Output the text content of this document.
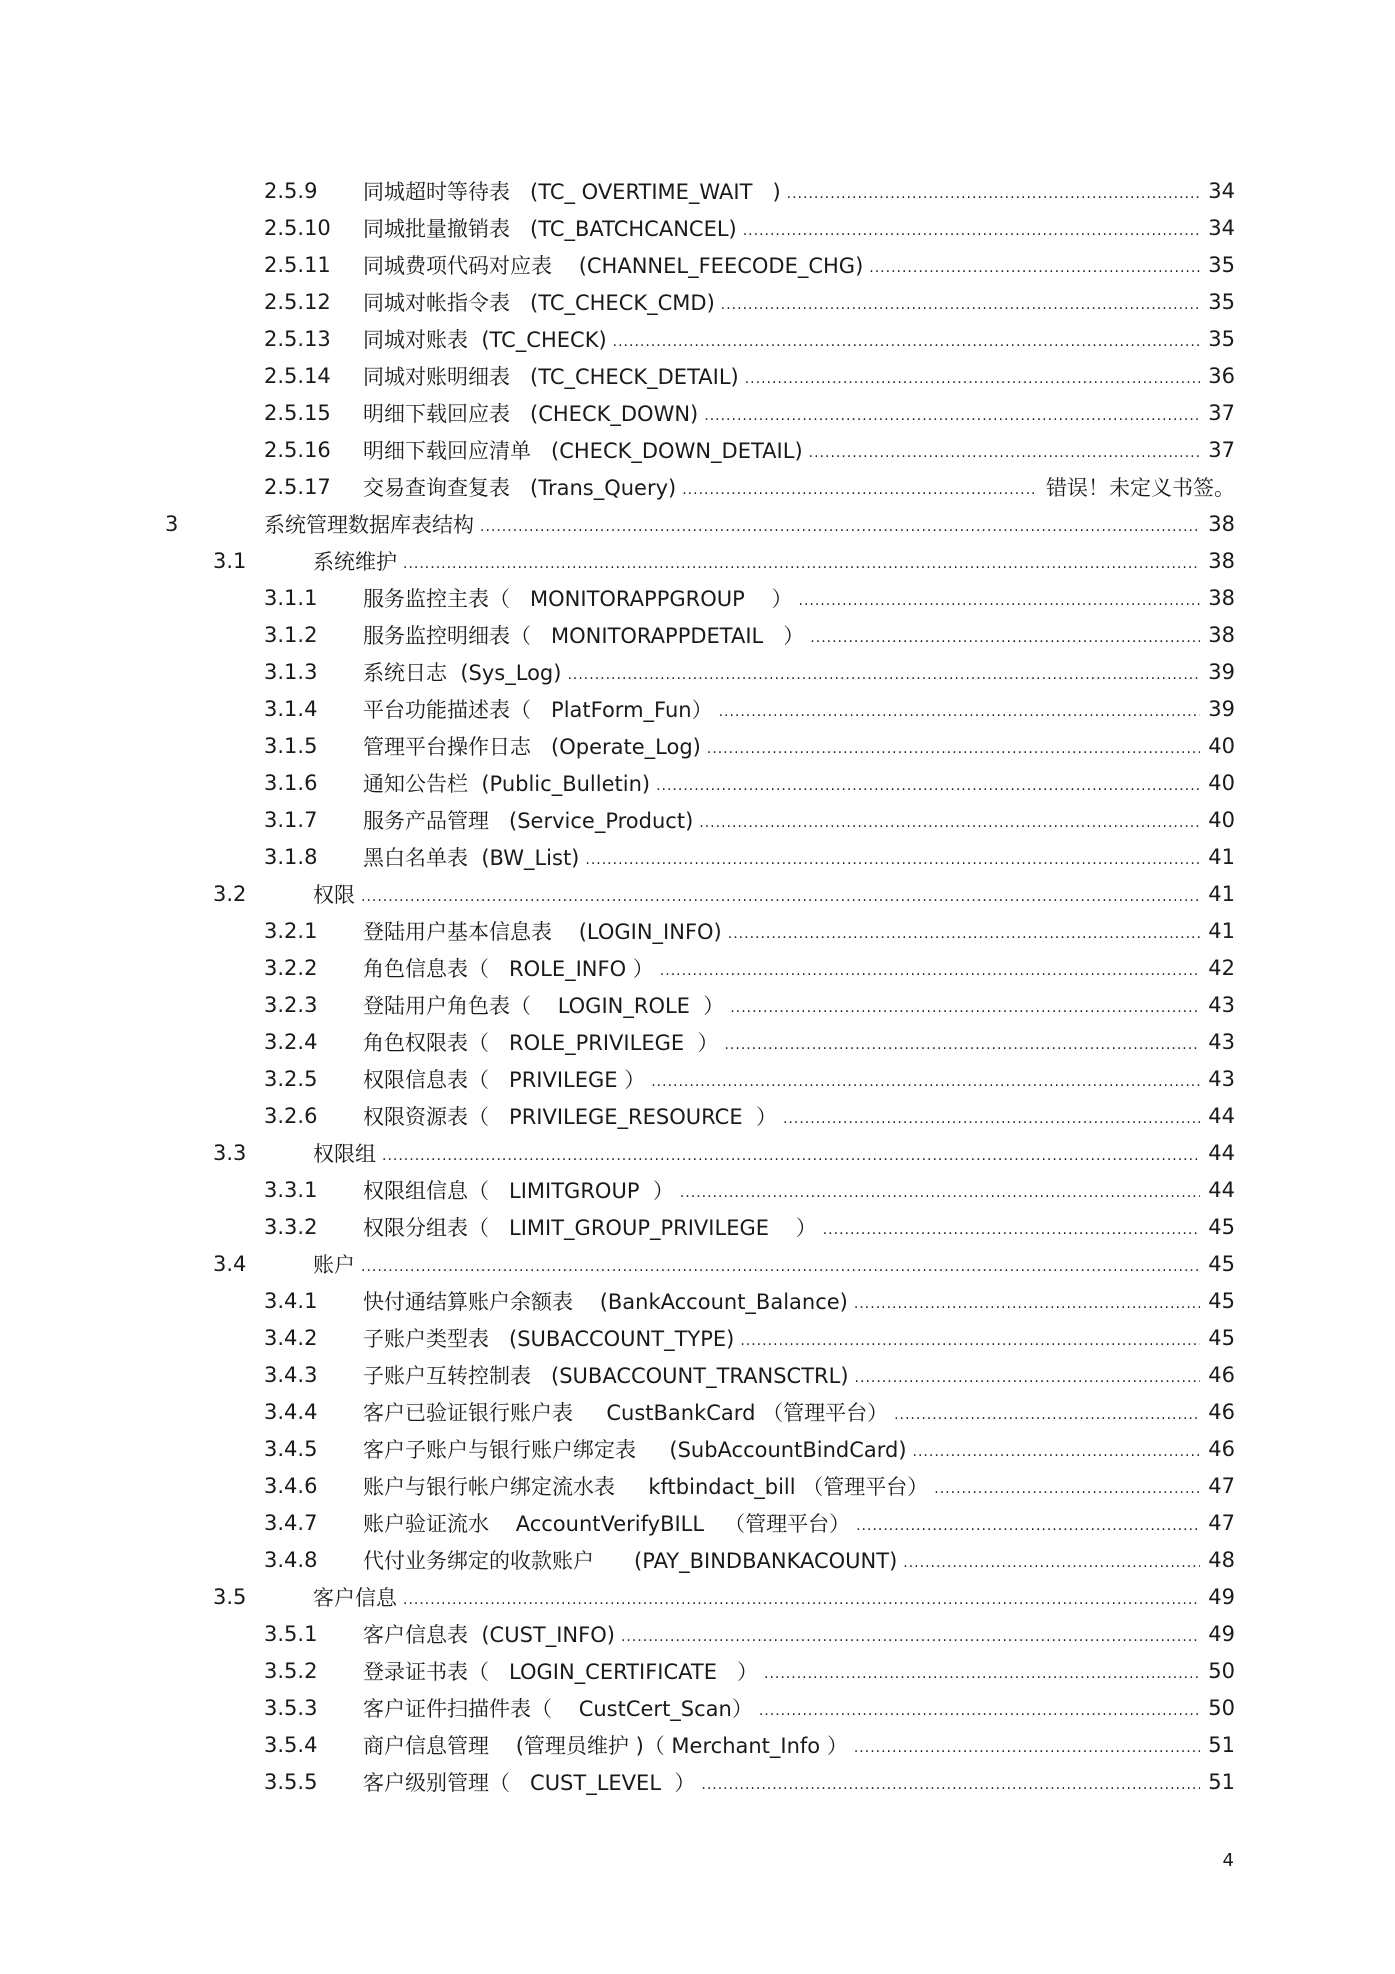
2.5.9 同城超时等待表   (TC_ OVERTIME_WAIT   ) .....	34
2.5.10 同城批量撤销表   (TC_BATCHCANCEL) .....	34
2.5.11 同城费项代码对应表    (CHANNEL_FEECODE_CHG) .....	35
2.5.12 同城对帐指令表   (TC_CHECK_CMD) .....	35
2.5.13 同城对账表  (TC_CHECK) .....	35
2.5.14 同城对账明细表   (TC_CHECK_DETAIL) .....	36
2.5.15 明细下载回应表   (CHECK_DOWN) .....	37
2.5.16 明细下载回应清单   (CHECK_DOWN_DETAIL) .....	37
2.5.17 交易查询查复表   (Trans_Query) .....	错误！未定义书签。
3	系统管理数据库表结构 .....	38
3.1	系统维护 .....	38
3.1.1 服务监控主表（   MONITORAPPGROUP    ） .....	38
3.1.2 服务监控明细表（   MONITORAPPDETAIL   ） .....	38
3.1.3 系统日志  (Sys_Log) .....	39
3.1.4 平台功能描述表（   PlatForm_Fun） .....	39
3.1.5 管理平台操作日志   (Operate_Log) .....	40
3.1.6 通知公告栏  (Public_Bulletin) .....	40
3.1.7 服务产品管理   (Service_Product) .....	40
3.1.8 黑白名单表  (BW_List) .....	41
3.2	权限 .....	41
3.2.1 登陆用户基本信息表    (LOGIN_INFO) .....	41
3.2.2 角色信息表（   ROLE_INFO ） .....	42
3.2.3 登陆用户角色表（    LOGIN_ROLE  ） .....	43
3.2.4 角色权限表（   ROLE_PRIVILEGE  ） .....	43
3.2.5 权限信息表（   PRIVILEGE ） .....	43
3.2.6 权限资源表（   PRIVILEGE_RESOURCE  ） .....	44
3.3	权限组 .....	44
3.3.1 权限组信息（   LIMITGROUP  ） .....	44
3.3.2 权限分组表（   LIMIT_GROUP_PRIVILEGE    ） .....	45
3.4	账户 .....	45
3.4.1 快付通结算账户余额表    (BankAccount_Balance) .....	45
3.4.2 子账户类型表   (SUBACCOUNT_TYPE) .....	45
3.4.3 子账户互转控制表   (SUBACCOUNT_TRANSCTRL) .....	46
3.4.4 客户已验证银行账户表     CustBankCard （管理平台） .....	46
3.4.5 客户子账户与银行账户绑定表     (SubAccountBindCard) .....	46
3.4.6 账户与银行帐户绑定流水表     kftbindact_bill （管理平台） .....	47
3.4.7 账户验证流水    AccountVerifyBILL   （管理平台） .....	47
3.4.8 代付业务绑定的收款账户      (PAY_BINDBANKACOUNT) .....	48
3.5	客户信息 .....	49
3.5.1 客户信息表  (CUST_INFO) .....	49
3.5.2 登录证书表（   LOGIN_CERTIFICATE   ） .....	50
3.5.3 客户证件扫描件表（    CustCert_Scan） .....	50
3.5.4 商户信息管理    (管理员维护 )（ Merchant_Info ） .....	51
3.5.5 客户级别管理（   CUST_LEVEL  ） .....	51
4
